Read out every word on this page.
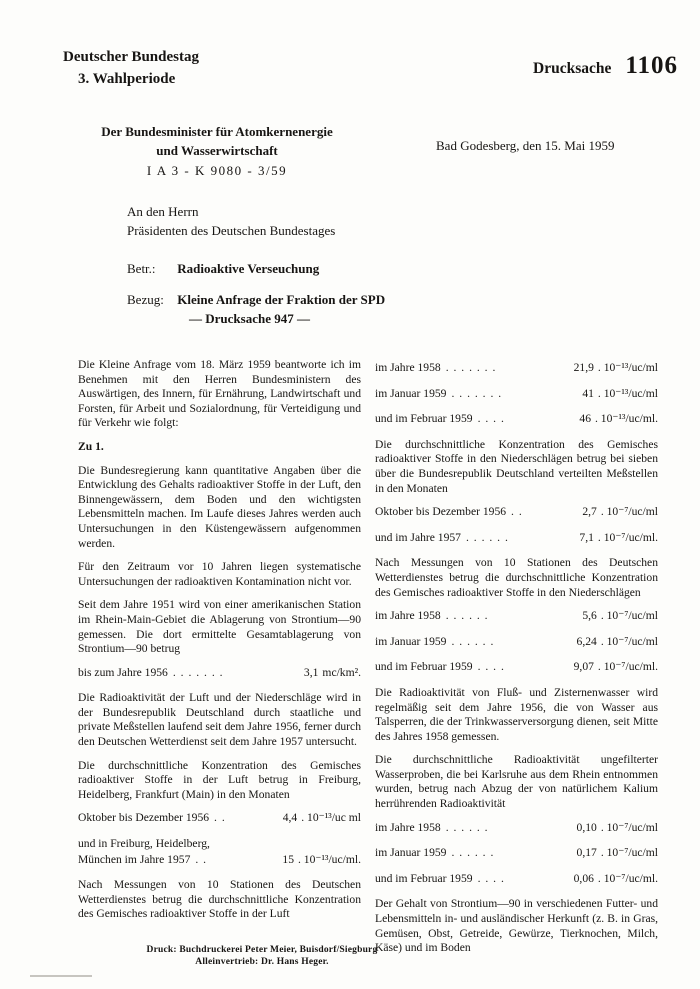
Deutscher Bundestag
3. Wahlperiode
Drucksache 1106
Der Bundesminister für Atomkernenergie
und Wasserwirtschaft
I A 3 - K 9080 - 3/59
Bad Godesberg, den 15. Mai 1959
An den Herrn
Präsidenten des Deutschen Bundestages
Betr.: Radioaktive Verseuchung
Bezug: Kleine Anfrage der Fraktion der SPD
— Drucksache 947 —

Die Kleine Anfrage vom 18. März 1959 beantworte ich im Benehmen mit den Herren Bundesministern des Auswärtigen, des Innern, für Ernährung, Landwirtschaft und Forsten, für Arbeit und Sozialordnung, für Verteidigung und für Verkehr wie folgt:

Zu 1.

Die Bundesregierung kann quantitative Angaben über die Entwicklung des Gehalts radioaktiver Stoffe in der Luft, den Binnengewässern, dem Boden und den wichtigsten Lebensmitteln machen. Im Laufe dieses Jahres werden auch Untersuchungen in den Küstengewässern aufgenommen werden.

Für den Zeitraum vor 10 Jahren liegen systematische Untersuchungen der radioaktiven Kontamination nicht vor.

Seit dem Jahre 1951 wird von einer amerikanischen Station im Rhein-Main-Gebiet die Ablagerung von Strontium—90 gemessen. Die dort ermittelte Gesamtablagerung von Strontium—90 betrug

bis zum Jahre 1956 . . . . . . .	3,1 mc/km².

Die Radioaktivität der Luft und der Niederschläge wird in der Bundesrepublik Deutschland durch staatliche und private Meßstellen laufend seit dem Jahre 1956, ferner durch den Deutschen Wetterdienst seit dem Jahre 1957 untersucht.

Die durchschnittliche Konzentration des Gemisches radioaktiver Stoffe in der Luft betrug in Freiburg, Heidelberg, Frankfurt (Main) in den Monaten

Oktober bis Dezember 1956 . .	4,4 . 10⁻¹³/uc ml
und in Freiburg, Heidelberg,
München im Jahre 1957 . .	15 . 10⁻¹³/uc/ml.

Nach Messungen von 10 Stationen des Deutschen Wetterdienstes betrug die durchschnittliche Konzentration des Gemisches radioaktiver Stoffe in der Luft

im Jahre 1958 . . . . . . .	21,9 . 10⁻¹³/uc/ml
im Januar 1959 . . . . . . .	41 . 10⁻¹³/uc/ml
und im Februar 1959 . . . .	46 . 10⁻¹³/uc/ml.

Die durchschnittliche Konzentration des Gemisches radioaktiver Stoffe in den Niederschlägen betrug bei sieben über die Bundesrepublik Deutschland verteilten Meßstellen in den Monaten

Oktober bis Dezember 1956 . .	2,7 . 10⁻⁷/uc/ml
und im Jahre 1957 . . . . . .	7,1 . 10⁻⁷/uc/ml.

Nach Messungen von 10 Stationen des Deutschen Wetterdienstes betrug die durchschnittliche Konzentration des Gemisches radioaktiver Stoffe in den Niederschlägen

im Jahre 1958 . . . . . .	5,6 . 10⁻⁷/uc/ml
im Januar 1959 . . . . . .	6,24 . 10⁻⁷/uc/ml
und im Februar 1959 . . . .	9,07 . 10⁻⁷/uc/ml.

Die Radioaktivität von Fluß- und Zisternenwasser wird regelmäßig seit dem Jahre 1956, die von Wasser aus Talsperren, die der Trinkwasserversorgung dienen, seit Mitte des Jahres 1958 gemessen.

Die durchschnittliche Radioaktivität ungefilterter Wasserproben, die bei Karlsruhe aus dem Rhein entnommen wurden, betrug nach Abzug der von natürlichem Kalium herrührenden Radioaktivität

im Jahre 1958 . . . . . .	0,10 . 10⁻⁷/uc/ml
im Januar 1959 . . . . . .	0,17 . 10⁻⁷/uc/ml
und im Februar 1959 . . . .	0,06 . 10⁻⁷/uc/ml.

Der Gehalt von Strontium—90 in verschiedenen Futter- und Lebensmitteln in- und ausländischer Herkunft (z. B. in Gras, Gemüsen, Obst, Getreide, Gewürze, Tierknochen, Milch, Käse) und im Boden

Druck: Buchdruckerei Peter Meier, Buisdorf/Siegburg
Alleinvertrieb: Dr. Hans Heger.
